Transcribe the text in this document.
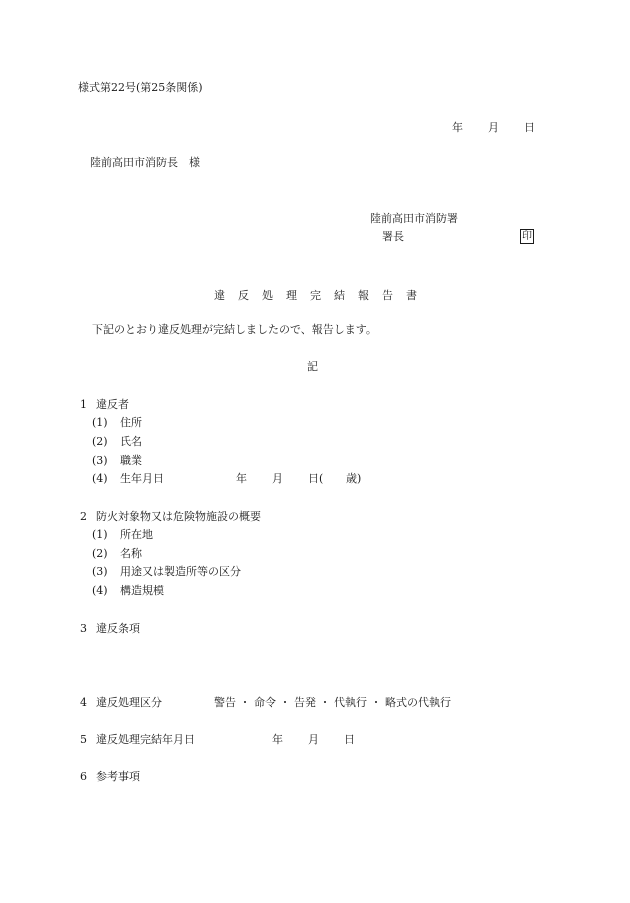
様式第22号(第25条関係)
年 月 日
陸前高田市消防長　様
陸前高田市消防署
署長	印
違 反 処 理 完 結 報 告 書
下記のとおり違反処理が完結しましたので、報告します。
記
1 違反者
(1) 住所
(2) 氏名
(3) 職業
(4) 生年月日	年 月 日( 歳)
2 防火対象物又は危険物施設の概要
(1) 所在地
(2) 名称
(3) 用途又は製造所等の区分
(4) 構造規模
3 違反条項
4 違反処理区分	警告 ・ 命令 ・ 告発 ・ 代執行 ・ 略式の代執行
5 違反処理完結年月日	年 月 日
6 参考事項
